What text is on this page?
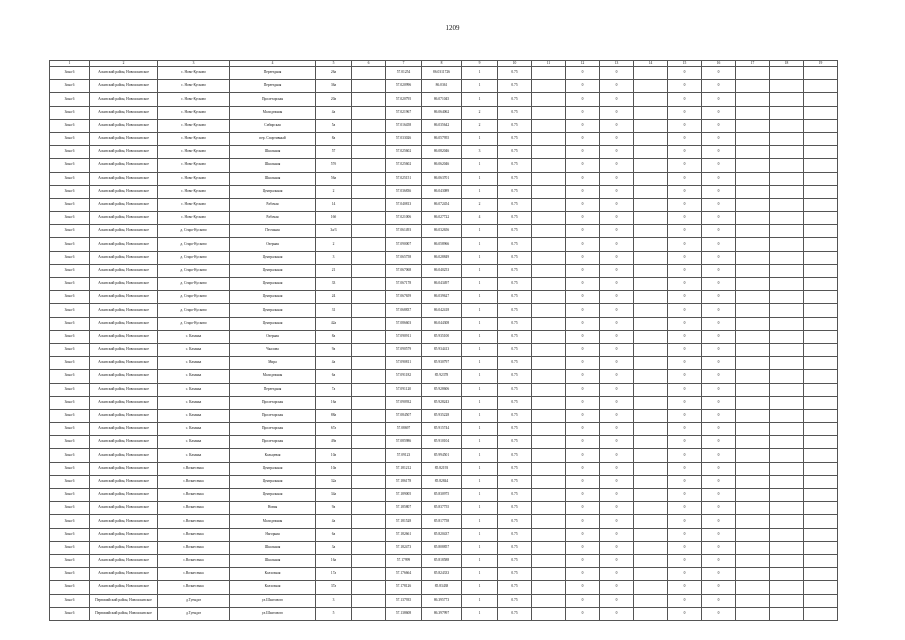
1209
1	2	3	4	5	6	7	8	9	10	11	12	13	14	15	16	17	18	19
Зона 6	Аскизский район, Новоаскизское	с. Ново-Кусково	Переездная	26а		57.01254	86.0311726	1	0.75		0	0		0	0			
Зона 6	Аскизский район, Новоаскизское	с. Ново-Кусково	Переездная	36а		57.020996	86.0361	1	0.75		0	0		0	0			
Зона 6	Аскизский район, Новоаскизское	с. Ново-Кусково	Пролетарская	20а		57.020795	86.071045	1	0.75		0	0		0	0			
Зона 6	Аскизский район, Новоаскизское	с. Ново-Кусково	Молодежная	4а		57.021967	86.064062	2	0.75		0	0		0	0			
Зона 6	Аскизский район, Новоаскизское	с. Ново-Кусково	Сибирская	5а		57.016458	86.035642	2	0.75		0	0		0	0			
Зона 6	Аскизский район, Новоаскизское	с. Ново-Кусково	пер. Спортивный	8а		57.033026	86.057955	1	0.75		0	0		0	0			
Зона 6	Аскизский район, Новоаскизское	с. Ново-Кусково	Школьная	57		57.025602	86.082046	3	0.75		0	0		0	0			
Зона 6	Аскизский район, Новоаскизское	с. Ново-Кусково	Школьная	57б		57.025602	86.062046	1	0.75		0	0		0	0			
Зона 6	Аскизский район, Новоаскизское	с. Ново-Кусково	Школьная	56а		57.025151	86.063701	1	0.75		0	0		0	0			
Зона 6	Аскизский район, Новоаскизское	с. Ново-Кусково	Центральная	2		57.036836	86.043089	1	0.75		0	0		0	0			
Зона 6	Аскизский район, Новоаскизское	с. Ново-Кусково	Рабочая	14		57.040813	86.072454	2	0.75		0	0		0	0			
Зона 6	Аскизский район, Новоаскизское	с. Ново-Кусково	Рабочая	16б		57.021006	86.027722	4	0.75		0	0		0	0			
Зона 6	Аскизский район, Новоаскизское	д. Старо-Кусково	Песчаная	3а/3		57.061493	86.032656	1	0.75		0	0		0	0			
Зона 6	Аскизский район, Новоаскизское	д. Старо-Кусково	Озерная	2		57.090007	86.058966	1	0.75		0	0		0	0			
Зона 6	Аскизский район, Новоаскизское	д. Старо-Кусково	Центральная	3		57.065758	86.028849	1	0.75		0	0		0	0			
Зона 6	Аскизский район, Новоаскизское	д. Старо-Кусково	Центральная	21		57.067068	86.040253	1	0.75		0	0		0	0			
Зона 6	Аскизский район, Новоаскизское	д. Старо-Кусково	Центральная	33		57.067178	86.043497	1	0.75		0	0		0	0			
Зона 6	Аскизский район, Новоаскизское	д. Старо-Кусково	Центральная	24		57.067659	86.039627	1	0.75		0	0		0	0			
Зона 6	Аскизский район, Новоаскизское	д. Старо-Кусково	Центральная	31		57.068837	86.042418	1	0.75		0	0		0	0			
Зона 6	Аскизский район, Новоаскизское	д. Старо-Кусково	Центральная	42а		57.086603	86.044308	1	0.75		0	0		0	0			
Зона 6	Аскизский район, Новоаскизское	с. Казанка	Озерная	8а		57.090911	85.935100	1	0.75		0	0		0	0			
Зона 6	Аскизский район, Новоаскизское	с. Казанка	Чкалова	9а		57.090579	85.934413	1	0.75		0	0		0	0			
Зона 6	Аскизский район, Новоаскизское	с. Казанка	Мира	4а		57.090811	85.930797	1	0.75		0	0		0	0			
Зона 6	Аскизский район, Новоаскизское	с. Казанка	Молодежная	6а		57.091182	85.92378	1	0.75		0	0		0	0			
Зона 6	Аскизский район, Новоаскизское	с. Казанка	Переездная	7а		57.091120	85.928606	1	0.75		0	0		0	0			
Зона 6	Аскизский район, Новоаскизское	с. Казанка	Пролетарская	16а		57.090932	85.928243	1	0.75		0	0		0	0			
Зона 6	Аскизский район, Новоаскизское	с. Казанка	Пролетарская	88а		57.084507	85.935228	1	0.75		0	0		0	0			
Зона 6	Аскизский район, Новоаскизское	с. Казанка	Пролетарская	67а		57.08697	85.915744	1	0.75		0	0		0	0			
Зона 6	Аскизский район, Новоаскизское	с. Казанка	Пролетарская	49а		57.085986	85.910104	1	0.75		0	0		0	0			
Зона 6	Аскизский район, Новоаскизское	с. Казанка	Кольцевая	10а		57.09123	85.994501	1	0.75		0	0		0	0			
Зона 6	Аскизский район, Новоаскизское	с.Вознесенка	Центральная	10а		57.181212	85.82193	1	0.75		0	0		0	0			
Зона 6	Аскизский район, Новоаскизское	с.Вознесенка	Центральная	32а		57.186178	85.82844	1	0.75		0	0		0	0			
Зона 6	Аскизский район, Новоаскизское	с.Вознесенка	Центральная	34а		57.189005	85.830975	1	0.75		0	0		0	0			
Зона 6	Аскизский район, Новоаскизское	с.Вознесенка	Новая	9а		57.185807	85.837755	1	0.75		0	0		0	0			
Зона 6	Аскизский район, Новоаскизское	с.Вознесенка	Молодежная	4а		57.181528	85.817758	1	0.75		0	0		0	0			
Зона 6	Аскизский район, Новоаскизское	с.Вознесенка	Нагорная	6а		57.182661	85.820437	1	0.75		0	0		0	0			
Зона 6	Аскизский район, Новоаскизское	с.Вознесенка	Школьная	3а		57.182473	85.808857	1	0.75		0	0		0	0			
Зона 6	Аскизский район, Новоаскизское	с.Вознесенка	Школьная	16а		57.17999	85.818588	1	0.75		0	0		0	0			
Зона 6	Аскизский район, Новоаскизское	с.Вознесенка	Колхозная	17а		57.176664	85.824333	1	0.75		0	0		0	0			
Зона 6	Аскизский район, Новоаскизское	с.Вознесенка	Колхозная	37а		57.178126	85.83438	1	0.75		0	0		0	0			
Зона 6	Первомайский район, Новоаскизское	д.Туендат	ул.Шахтового	3		57.137935	86.395773	1	0.75		0	0		0	0			
Зона 6	Первомайский район, Новоаскизское	д.Туендат	ул.Шахтового	5		57.138608	86.397997	1	0.75		0	0		0	0			
